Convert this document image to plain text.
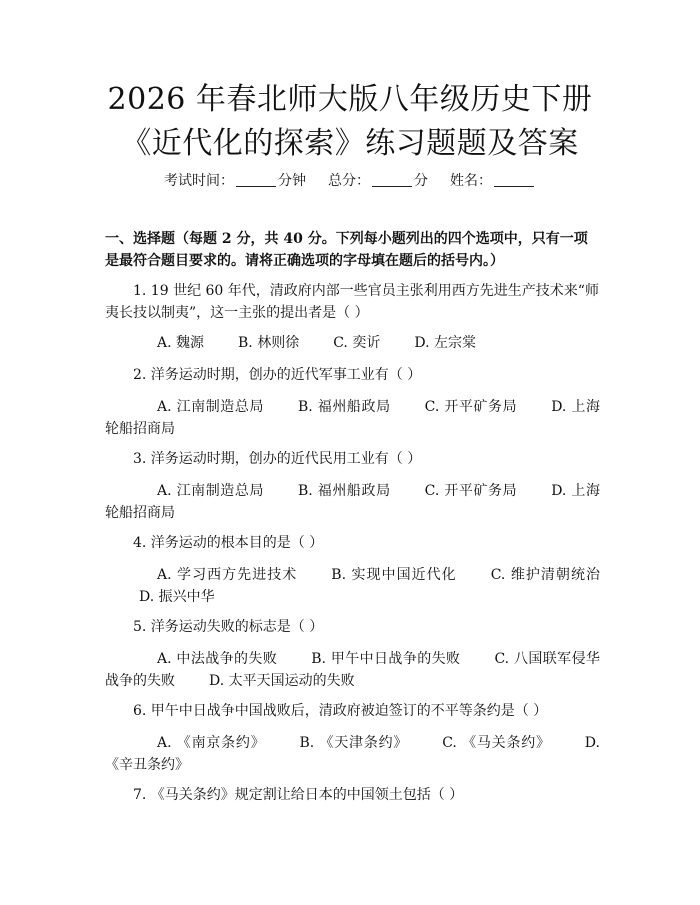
2026 年春北师大版八年级历史下册《近代化的探索》练习题题及答案
考试时间：	分钟 总分：	分 姓名：

一、选择题（每题 2 分，共 40 分。下列每小题列出的四个选项中，只有一项是最符合题目要求的。请将正确选项的字母填在题后的括号内。）

1. 19 世纪 60 年代，清政府内部一些官员主张利用西方先进生产技术来“师夷长技以制夷”，这一主张的提出者是（ ）

A. 魏源 B. 林则徐 C. 奕䜣 D. 左宗棠

2. 洋务运动时期，创办的近代军事工业有（ ）

A. 江南制造总局 B. 福州船政局 C. 开平矿务局 D. 上海轮船招商局

3. 洋务运动时期，创办的近代民用工业有（ ）

A. 江南制造总局 B. 福州船政局 C. 开平矿务局 D. 上海轮船招商局

4. 洋务运动的根本目的是（ ）

A. 学习西方先进技术 B. 实现中国近代化 C. 维护清朝统治D. 振兴中华

5. 洋务运动失败的标志是（ ）

A. 中法战争的失败 B. 甲午中日战争的失败 C. 八国联军侵华战争的失败 D. 太平天国运动的失败

6. 甲午中日战争中国战败后，清政府被迫签订的不平等条约是（ ）

A. 《南京条约》 B. 《天津条约》 C. 《马关条约》 D. 《辛丑条约》

7. 《马关条约》规定割让给日本的中国领土包括（ ）
